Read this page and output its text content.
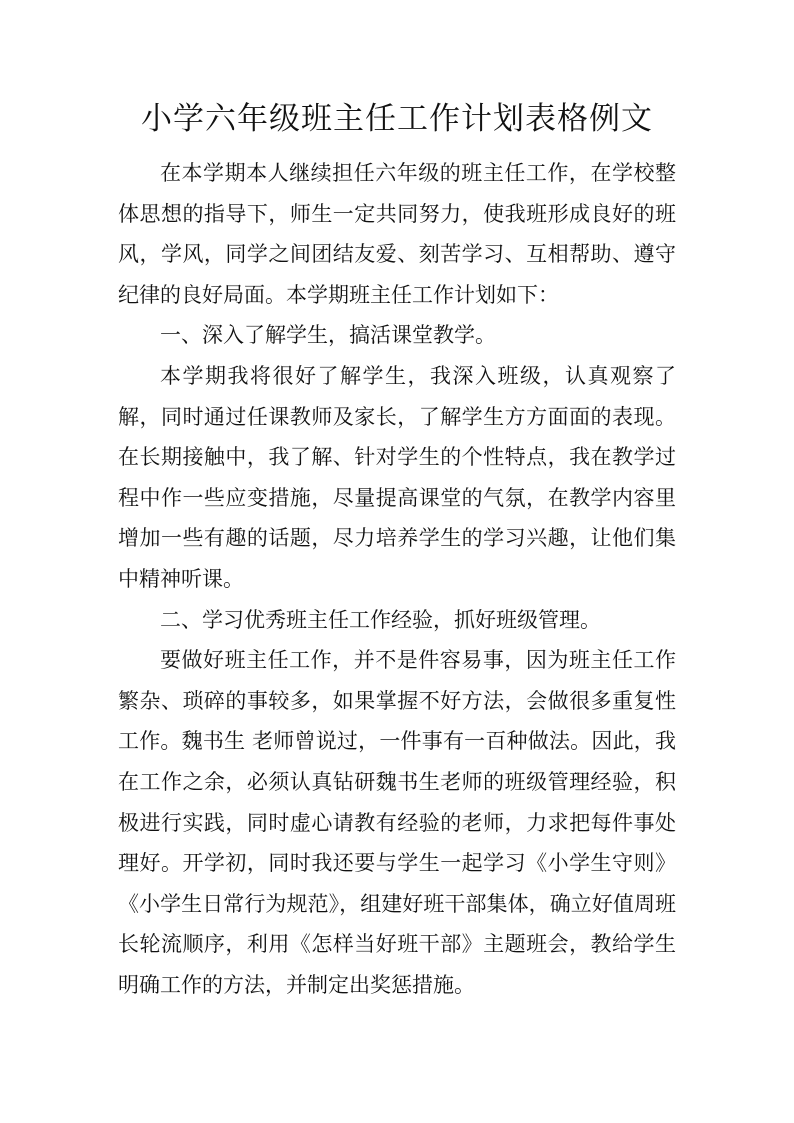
小学六年级班主任工作计划表格例文

在本学期本人继续担任六年级的班主任工作，在学校整体思想的指导下，师生一定共同努力，使我班形成良好的班风，学风，同学之间团结友爱、刻苦学习、互相帮助、遵守纪律的良好局面。本学期班主任工作计划如下：

一、深入了解学生，搞活课堂教学。

本学期我将很好了解学生，我深入班级，认真观察了解，同时通过任课教师及家长，了解学生方方面面的表现。在长期接触中，我了解、针对学生的个性特点，我在教学过程中作一些应变措施，尽量提高课堂的气氛，在教学内容里增加一些有趣的话题，尽力培养学生的学习兴趣，让他们集中精神听课。

二、学习优秀班主任工作经验，抓好班级管理。

要做好班主任工作，并不是件容易事，因为班主任工作繁杂、琐碎的事较多，如果掌握不好方法，会做很多重复性工作。魏书生 老师曾说过，一件事有一百种做法。因此，我在工作之余，必须认真钻研魏书生老师的班级管理经验，积极进行实践，同时虚心请教有经验的老师，力求把每件事处理好。开学初，同时我还要与学生一起学习《小学生守则》《小学生日常行为规范》，组建好班干部集体，确立好值周班长轮流顺序，利用《怎样当好班干部》主题班会，教给学生明确工作的方法，并制定出奖惩措施。
